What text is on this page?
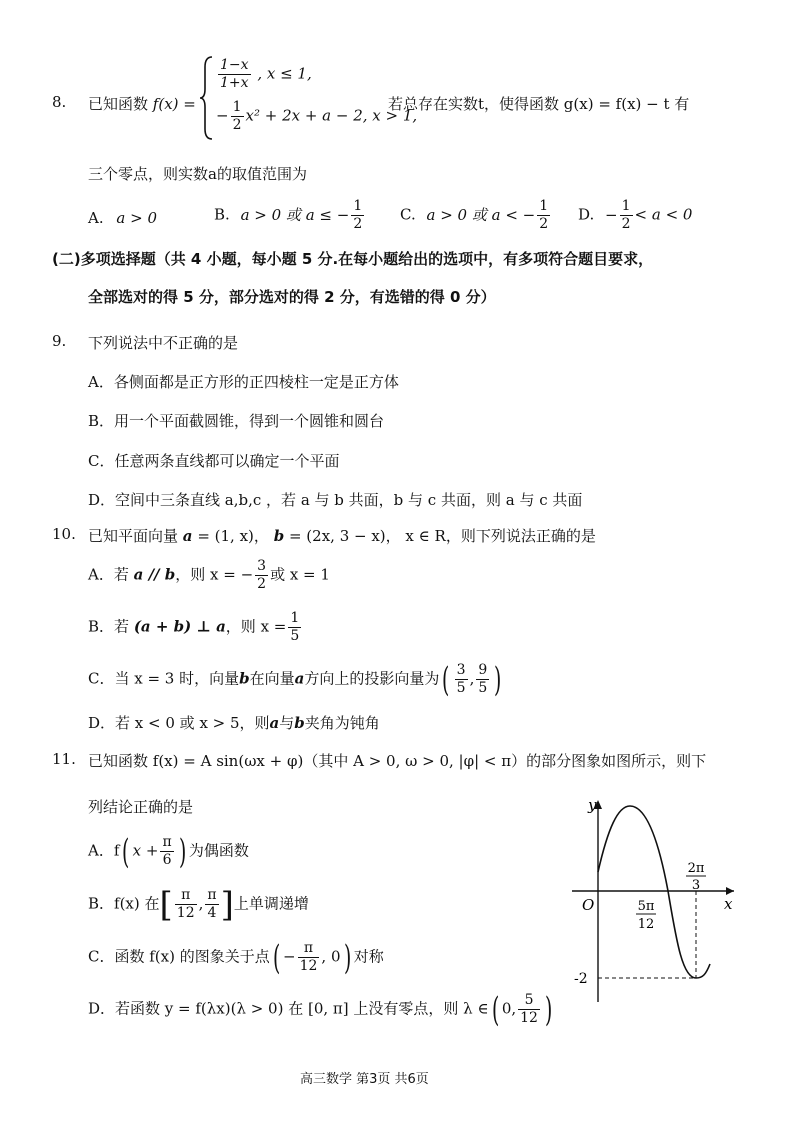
8. 已知函数 f(x) =
$\frac{1-x}{1+x}$ , x ≤ 1,
− $\frac{1}{2} x^2 + 2x + a - 2$, x > 1,
若总存在实数t，使得函数 g(x) = f(x) − t 有
三个零点，则实数a的取值范围为
A. a > 0	B. a > 0 或 a ≤ − $\frac{1}{2} C$. a > 0 或 a < − $\frac{1}{2} D$. − $\frac{1}{2} < a < 0$
(二)多项选择题（共 4 小题，每小题 5 分.在每小题给出的选项中，有多项符合题目要求，
全部选对的得 5 分，部分选对的得 2 分，有选错的得 0 分）
9. 下列说法中不正确的是
A．各侧面都是正方形的正四棱柱一定是正方体
B．用一个平面截圆锥，得到一个圆锥和圆台
C．任意两条直线都可以确定一个平面
D．空间中三条直线 a,b,c ，若 a 与 b 共面，b 与 c 共面，则 a 与 c 共面
10. 已知平面向量 a = (1, x)， b = (2x, 3 − x)， x ∈ R，则下列说法正确的是
A．若 a // b，则 x = − $\frac{3}{2}$ 或 x = 1
B．若 (a + b) ⊥ a，则 $x = \frac{1}{5}$
C．当 x = 3 时，向量b在向量a方向上的投影向量为( $\frac{3}{5}$ , $\frac{9}{5}$ )
D．若 x < 0 或 x > 5，则a与b夹角为钝角
11. 已知函数 f(x) = A sin(ωx + φ)（其中 A > 0, ω > 0, |φ| < π）的部分图象如图所示，则下
列结论正确的是
A．f( $x + \frac{\pi}{6}$ ) 为偶函数
B．f(x) 在[ $\frac{\pi}{12}$ , $\frac{\pi}{4}$ ]上单调递增
C．函数 f(x) 的图象关于点( − $\frac{\pi}{12}$ , 0) 对称
D．若函数 y = f(λx)(λ > 0) 在 [0, π] 上没有零点，则 λ ∈( 0, $\frac{5}{12}$ )
y
x
O	5π
12
2π
3
-2
高三数学 第3页 共6页
